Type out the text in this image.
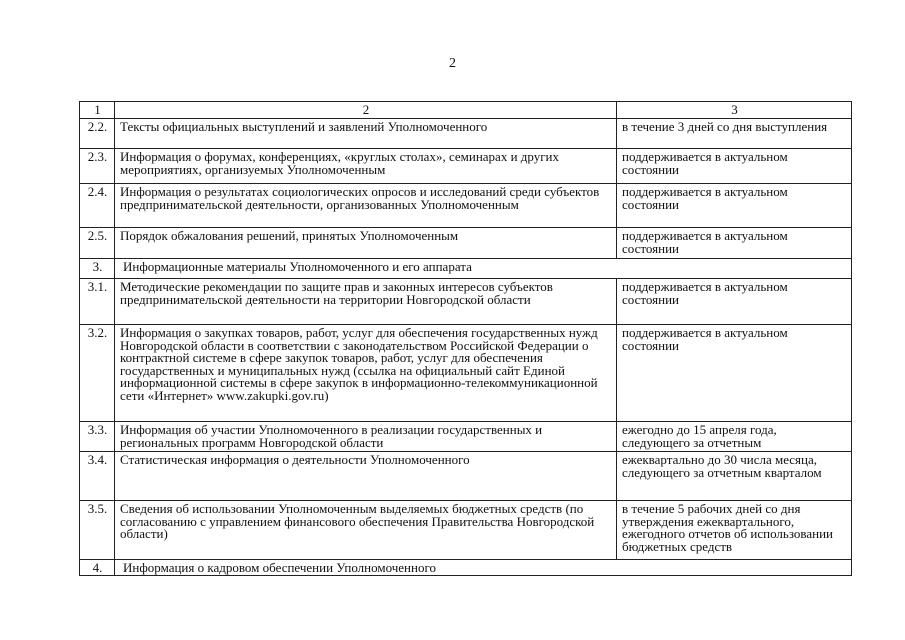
2
1	2	3
2.2.	Тексты официальных выступлений и заявлений Уполномоченного	в течение 3 дней со дня выступления
2.3.	Информация о форумах, конференциях, «круглых столах», семинарах и других мероприятиях, организуемых Уполномоченным	поддерживается в актуальном состоянии
2.4.	Информация о результатах социологических опросов и исследований среди субъектов предпринимательской деятельности, организованных Уполномоченным	поддерживается в актуальном состоянии
2.5.	Порядок обжалования решений, принятых Уполномоченным	поддерживается в актуальном состоянии
3.	Информационные материалы Уполномоченного и его аппарата	
3.1.	Методические рекомендации по защите прав и законных интересов субъектов предпринимательской деятельности на территории Новгородской области	поддерживается в актуальном состоянии
3.2.	Информация о закупках товаров, работ, услуг для обеспечения государственных нужд Новгородской области в соответствии с законодательством Российской Федерации о контрактной системе в сфере закупок товаров, работ, услуг для обеспечения государственных и муниципальных нужд (ссылка на официальный сайт Единой информационной системы в сфере закупок в информационно-телекоммуникационной сети «Интернет» www.zakupki.gov.ru)	поддерживается в актуальном состоянии
3.3.	Информация об участии Уполномоченного в реализации государственных и региональных программ Новгородской области	ежегодно до 15 апреля года, следующего за отчетным
3.4.	Статистическая информация о деятельности Уполномоченного	ежеквартально до 30 числа месяца, следующего за отчетным кварталом
3.5.	Сведения об использовании Уполномоченным выделяемых бюджетных средств (по согласованию с управлением финансового обеспечения Правительства Новгородской области)	в течение 5 рабочих дней со дня утверждения ежеквартального, ежегодного отчетов об использовании бюджетных средств
4.	Информация о кадровом обеспечении Уполномоченного	
